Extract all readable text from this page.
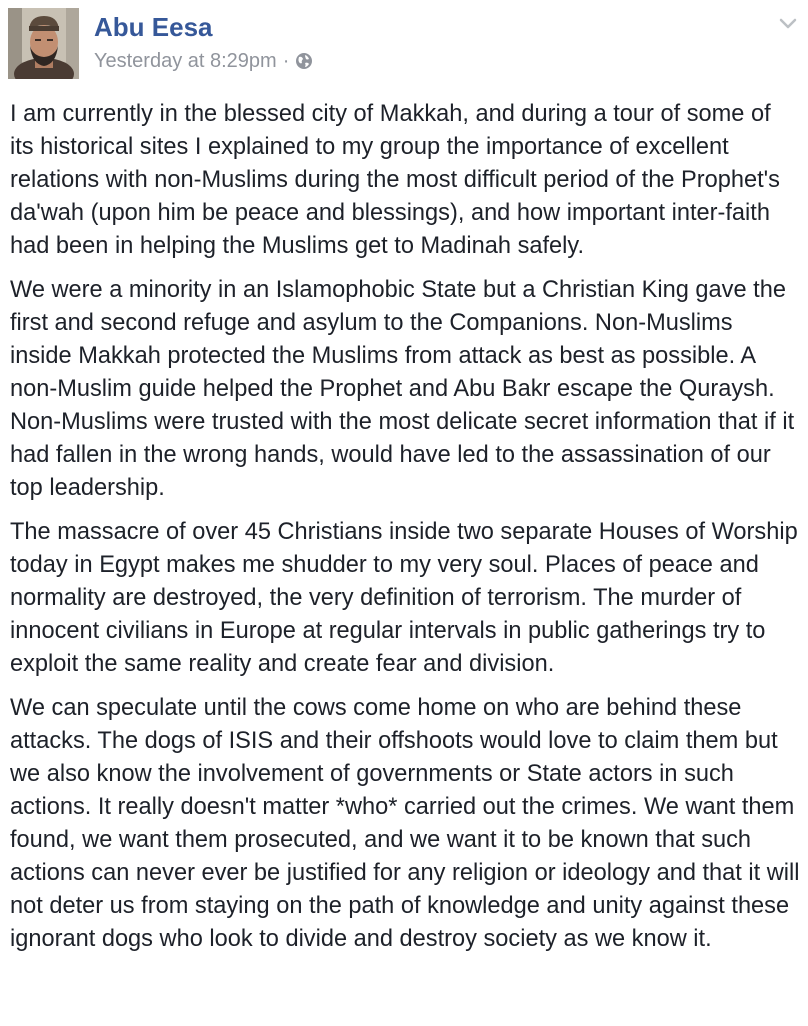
Abu Eesa
Yesterday at 8:29pm ·

I am currently in the blessed city of Makkah, and during a tour of some of its historical sites I explained to my group the importance of excellent relations with non-Muslims during the most difficult period of the Prophet's da'wah (upon him be peace and blessings), and how important inter-faith had been in helping the Muslims get to Madinah safely.

We were a minority in an Islamophobic State but a Christian King gave the first and second refuge and asylum to the Companions. Non-Muslims inside Makkah protected the Muslims from attack as best as possible. A non-Muslim guide helped the Prophet and Abu Bakr escape the Quraysh. Non-Muslims were trusted with the most delicate secret information that if it had fallen in the wrong hands, would have led to the assassination of our top leadership.

The massacre of over 45 Christians inside two separate Houses of Worship today in Egypt makes me shudder to my very soul. Places of peace and normality are destroyed, the very definition of terrorism. The murder of innocent civilians in Europe at regular intervals in public gatherings try to exploit the same reality and create fear and division.

We can speculate until the cows come home on who are behind these attacks. The dogs of ISIS and their offshoots would love to claim them but we also know the involvement of governments or State actors in such actions. It really doesn't matter *who* carried out the crimes. We want them found, we want them prosecuted, and we want it to be known that such actions can never ever be justified for any religion or ideology and that it will not deter us from staying on the path of knowledge and unity against these ignorant dogs who look to divide and destroy society as we know it.
